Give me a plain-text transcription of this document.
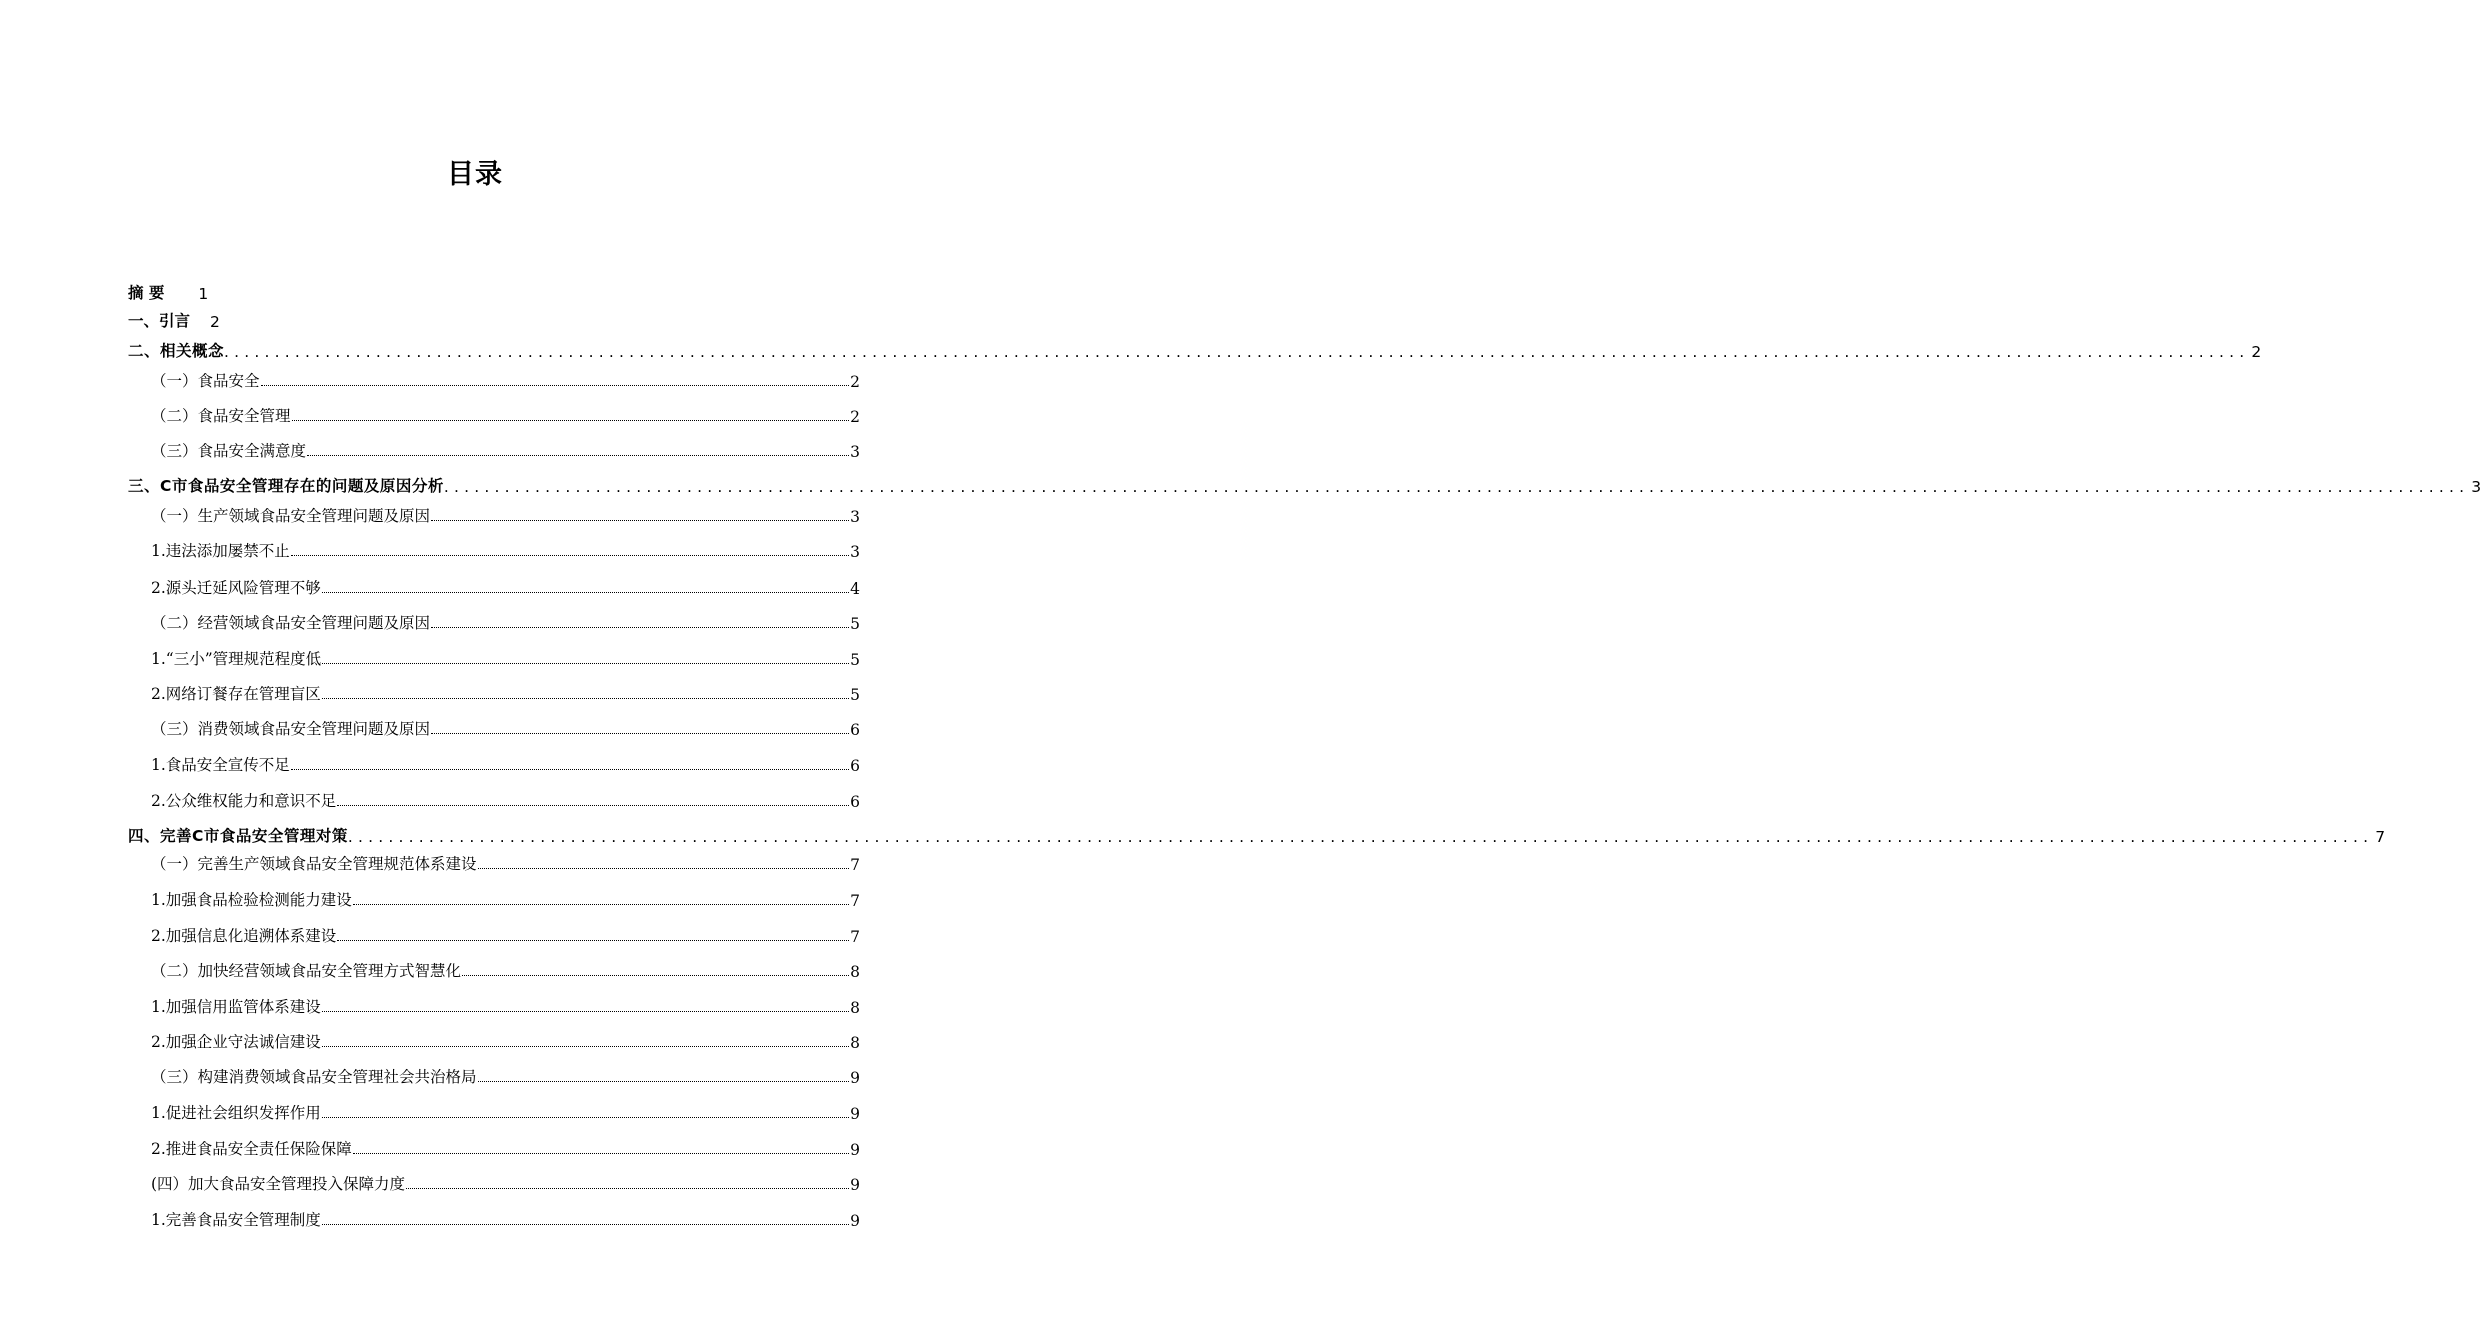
目录
摘 要 1
一、引言 2
二、相关概念 ........................................................................................................................................................................................................ 2
（一）食品安全	2
（二）食品安全管理	2
（三）食品安全满意度	3
三、C市食品安全管理存在的问题及原因分析 ........................................................................................................................................................................................................ 3
（一）生产领域食品安全管理问题及原因	3
1.违法添加屡禁不止	3
2.源头迁延风险管理不够	4
（二）经营领域食品安全管理问题及原因	5
1.“三小”管理规范程度低	5
2.网络订餐存在管理盲区	5
（三）消费领域食品安全管理问题及原因	6
1.食品安全宣传不足	6
2.公众维权能力和意识不足	6
四、完善C市食品安全管理对策 ........................................................................................................................................................................................................ 7
（一）完善生产领域食品安全管理规范体系建设	7
1.加强食品检验检测能力建设	7
2.加强信息化追溯体系建设	7
（二）加快经营领域食品安全管理方式智慧化	8
1.加强信用监管体系建设	8
2.加强企业守法诚信建设	8
（三）构建消费领域食品安全管理社会共治格局	9
1.促进社会组织发挥作用	9
2.推进食品安全责任保险保障	9
(四）加大食品安全管理投入保障力度	9
1.完善食品安全管理制度	9
